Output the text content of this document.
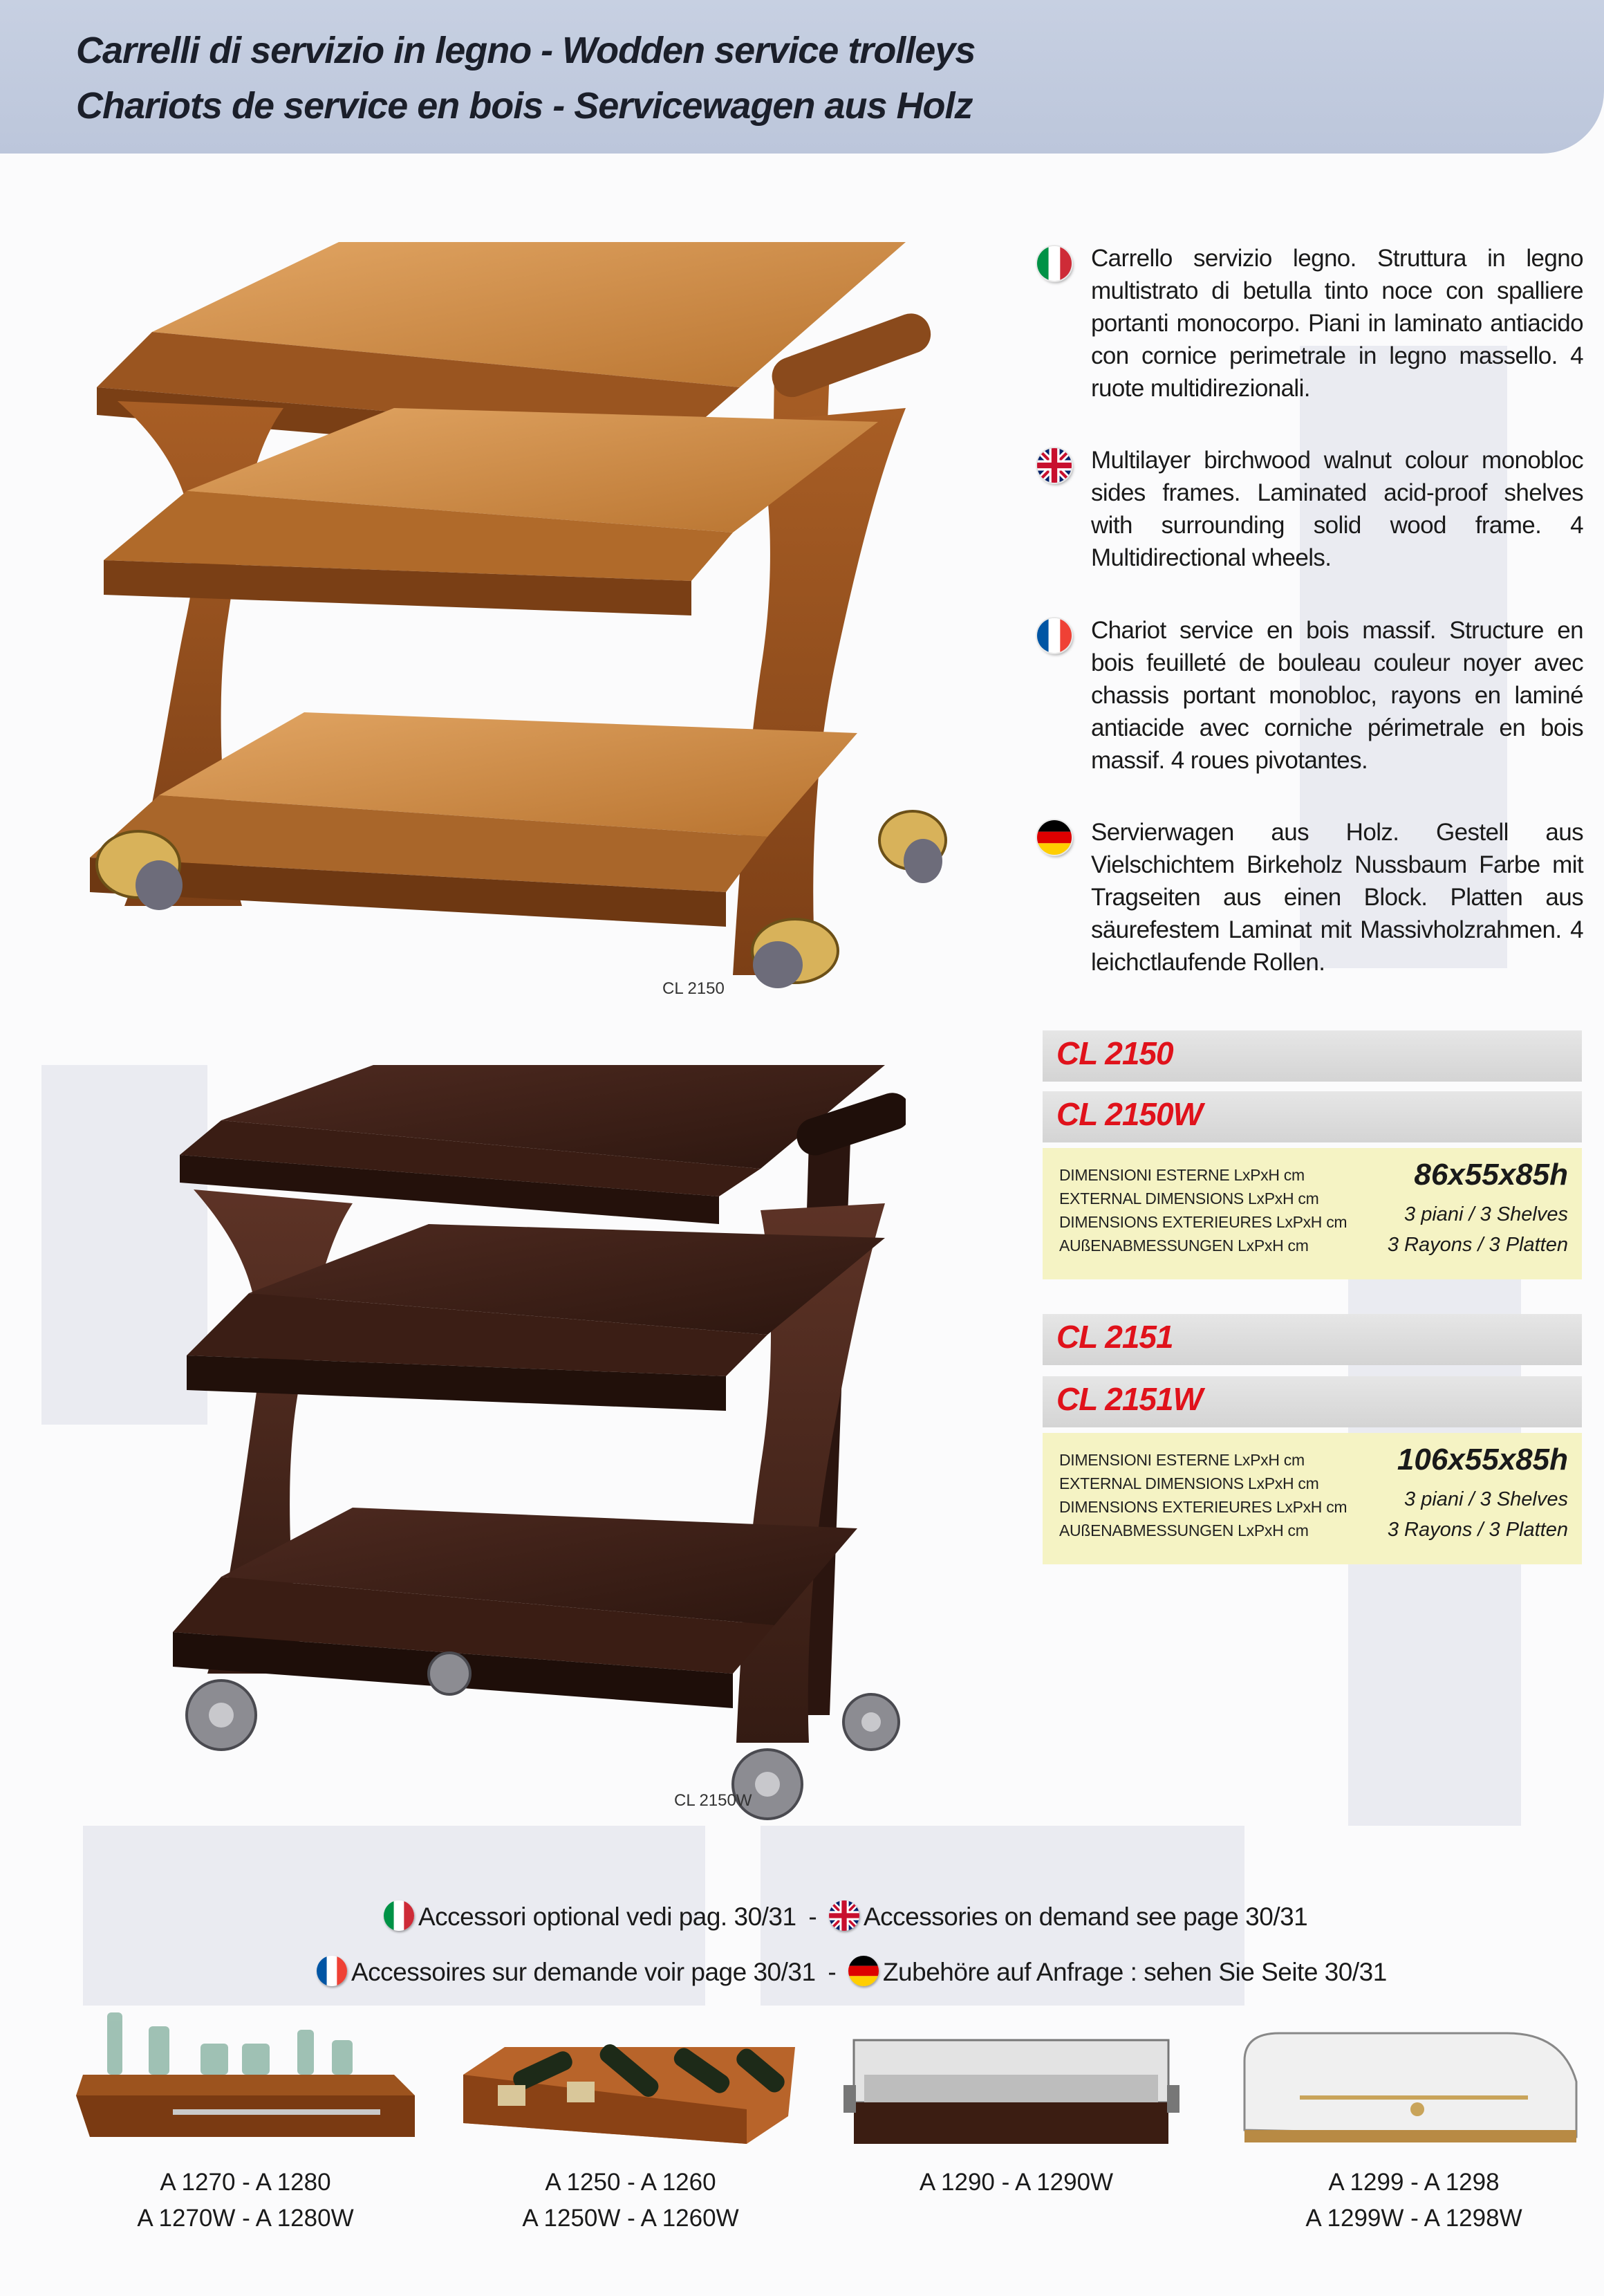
Carrelli di servizio in legno - Wodden service trolleys
Chariots de service en bois - Servicewagen aus Holz
CL 2150
CL 2150W
Carrello servizio legno. Struttura in legno multistrato di betulla tinto noce con spalliere portanti monocorpo. Piani in laminato antiacido con cornice perimetrale in legno massello. 4 ruote multidirezionali.
Multilayer birchwood walnut colour monobloc sides frames. Laminated acid-proof shelves with surrounding solid wood frame. 4 Multidirectional wheels.
Chariot service en bois massif. Structure en bois feuilleté de bouleau couleur noyer avec chassis portant monobloc, rayons en laminé antiacide avec corniche périmetrale en bois massif. 4 roues pivotantes.
Servierwagen aus Holz. Gestell aus Vielschichtem Birkeholz Nussbaum Farbe mit Tragseiten aus einen Block. Platten aus säurefestem Laminat mit Massivholzrahmen. 4 leichctlaufende Rollen.
CL 2150
CL 2150W
DIMENSIONI ESTERNE LxPxH cm
EXTERNAL DIMENSIONS LxPxH cm
DIMENSIONS EXTERIEURES LxPxH cm
AUßENABMESSUNGEN LxPxH cm
86x55x85h
3 piani / 3 Shelves
3 Rayons / 3 Platten
CL 2151
CL 2151W
DIMENSIONI ESTERNE LxPxH cm
EXTERNAL DIMENSIONS LxPxH cm
DIMENSIONS EXTERIEURES LxPxH cm
AUßENABMESSUNGEN LxPxH cm
106x55x85h
3 piani / 3 Shelves
3 Rayons / 3 Platten
Accessori optional vedi pag. 30/31 - Accessories on demand see page 30/31
Accessoires sur demande voir page 30/31 - Zubehöre auf Anfrage : sehen Sie Seite 30/31
A 1270 - A 1280
A 1270W - A 1280W
A 1250 - A 1260
A 1250W - A 1260W
A 1290 - A 1290W	A 1299 - A 1298
A 1299W - A 1298W
